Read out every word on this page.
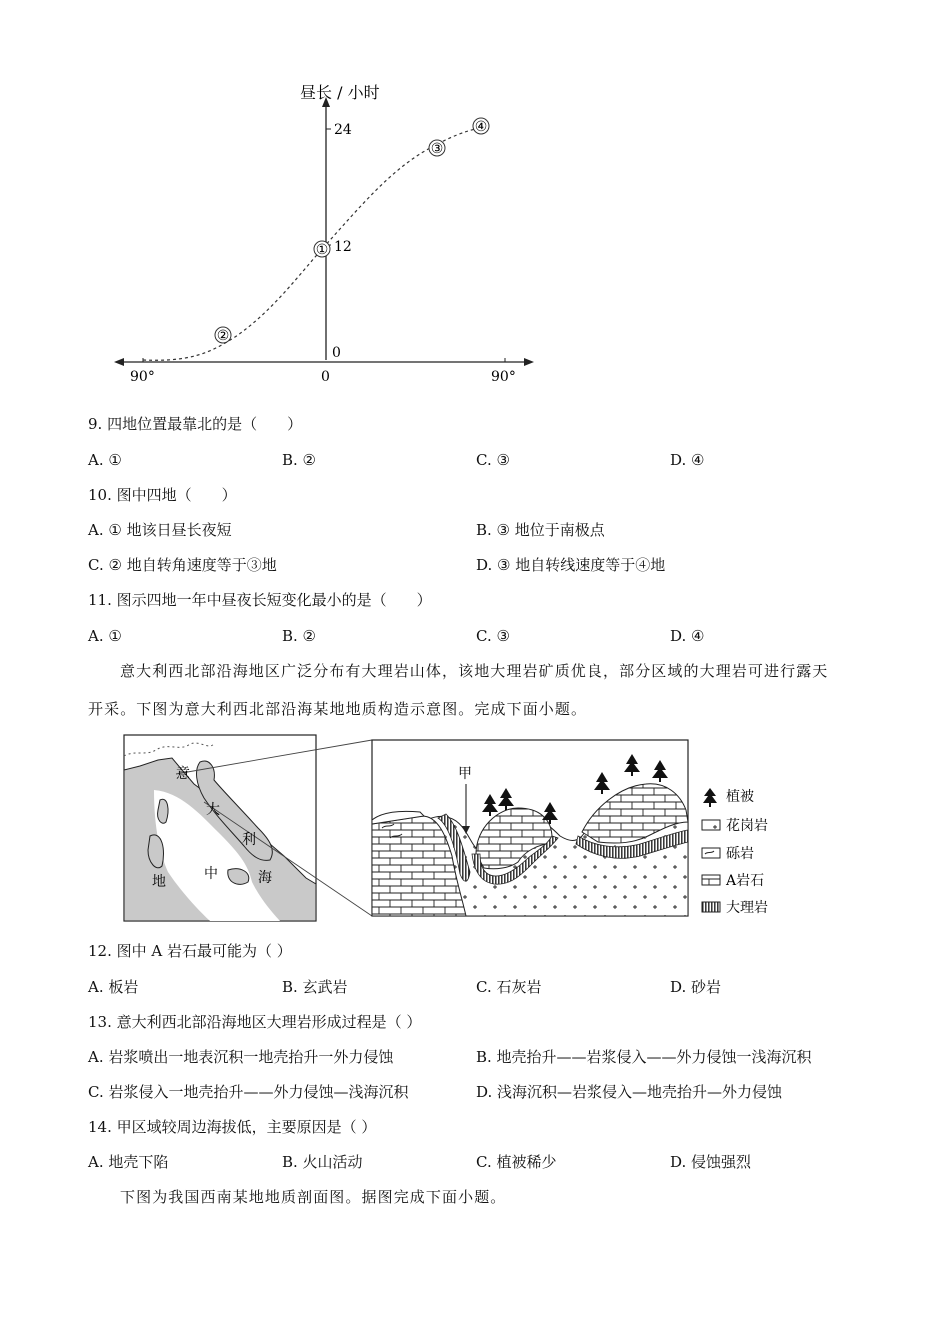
昼长 / 小时
24
12
0
90°	0	90°
①
②
③
④
9. 四地位置最靠北的是（　　）
A. ①	B. ②	C. ③	D. ④
10. 图中四地（　　）
A. ① 地该日昼长夜短	B. ③ 地位于南极点
C. ② 地自转角速度等于③地	D. ③ 地自转线速度等于④地
11. 图示四地一年中昼夜长短变化最小的是（　　）
A. ①	B. ②	C. ③	D. ④
意大利西北部沿海地区广泛分布有大理岩山体，该地大理岩矿质优良，部分区域的大理岩可进行露天
开采。下图为意大利西北部沿海某地地质构造示意图。完成下面小题。
意
大
利
地	中	海
甲
植被
花岗岩
砾岩
A岩石
大理岩
12. 图中 A 岩石最可能为（ ）
A. 板岩	B. 玄武岩	C. 石灰岩	D. 砂岩
13. 意大利西北部沿海地区大理岩形成过程是（ ）
A. 岩浆喷出一地表沉积一地壳抬升一外力侵蚀	B. 地壳抬升——岩浆侵入——外力侵蚀一浅海沉积
C. 岩浆侵入一地壳抬升——外力侵蚀—浅海沉积	D. 浅海沉积—岩浆侵入—地壳抬升—外力侵蚀
14. 甲区域较周边海拔低，主要原因是（ ）
A. 地壳下陷	B. 火山活动	C. 植被稀少	D. 侵蚀强烈
下图为我国西南某地地质剖面图。据图完成下面小题。
